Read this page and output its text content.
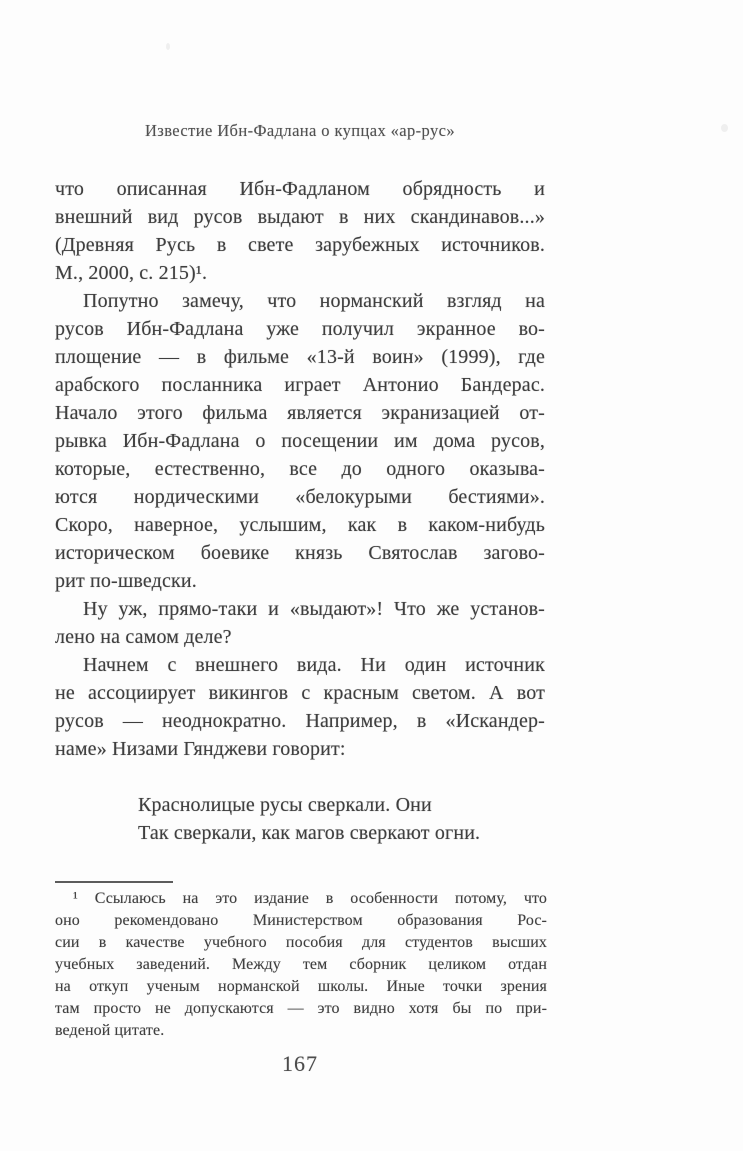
Известие Ибн-Фадлана о купцах «ар-рус»
что описанная Ибн-Фадланом обрядность и
внешний вид русов выдают в них скандинавов...»
(Древняя Русь в свете зарубежных источников.
М., 2000, с. 215)¹.
Попутно замечу, что норманский взгляд на
русов Ибн-Фадлана уже получил экранное во-
площение — в фильме «13-й воин» (1999), где
арабского посланника играет Антонио Бандерас.
Начало этого фильма является экранизацией от-
рывка Ибн-Фадлана о посещении им дома русов,
которые, естественно, все до одного оказыва-
ются нордическими «белокурыми бестиями».
Скоро, наверное, услышим, как в каком-нибудь
историческом боевике князь Святослав загово-
рит по-шведски.
Ну уж, прямо-таки и «выдают»! Что же установ-
лено на самом деле?
Начнем с внешнего вида. Ни один источник
не ассоциирует викингов с красным светом. А вот
русов — неоднократно. Например, в «Искандер-
наме» Низами Гянджеви говорит:
Краснолицые русы сверкали. Они
Так сверкали, как магов сверкают огни.
¹ Ссылаюсь на это издание в особенности потому, что
оно рекомендовано Министерством образования Рос-
сии в качестве учебного пособия для студентов высших
учебных заведений. Между тем сборник целиком отдан
на откуп ученым норманской школы. Иные точки зрения
там просто не допускаются — это видно хотя бы по при-
веденой цитате.
167
